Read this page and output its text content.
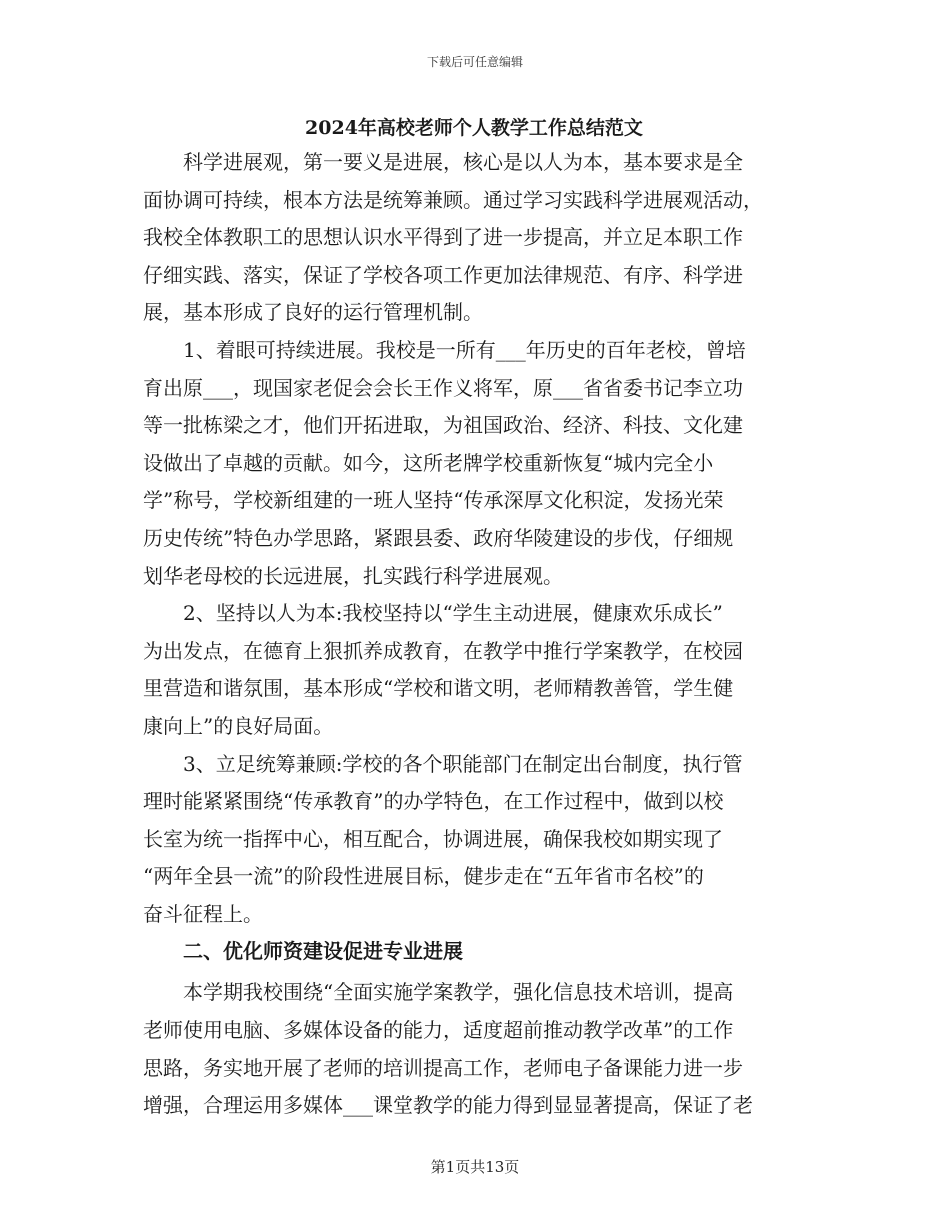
下载后可任意编辑
2024年高校老师个人教学工作总结范文

科学进展观，第一要义是进展，核心是以人为本，基本要求是全
面协调可持续，根本方法是统筹兼顾。通过学习实践科学进展观活动，
我校全体教职工的思想认识水平得到了进一步提高，并立足本职工作
仔细实践、落实，保证了学校各项工作更加法律规范、有序、科学进
展，基本形成了良好的运行管理机制。

1、着眼可持续进展。我校是一所有___年历史的百年老校，曾培
育出原___，现国家老促会会长王作义将军，原___省省委书记李立功
等一批栋梁之才，他们开拓进取，为祖国政治、经济、科技、文化建
设做出了卓越的贡献。如今，这所老牌学校重新恢复“城内完全小
学”称号，学校新组建的一班人坚持“传承深厚文化积淀，发扬光荣
历史传统”特色办学思路，紧跟县委、政府华陵建设的步伐，仔细规
划华老母校的长远进展，扎实践行科学进展观。

2、坚持以人为本:我校坚持以“学生主动进展，健康欢乐成长”
为出发点，在德育上狠抓养成教育，在教学中推行学案教学，在校园
里营造和谐氛围，基本形成“学校和谐文明，老师精教善管，学生健
康向上”的良好局面。

3、立足统筹兼顾:学校的各个职能部门在制定出台制度，执行管
理时能紧紧围绕“传承教育”的办学特色，在工作过程中，做到以校
长室为统一指挥中心，相互配合，协调进展，确保我校如期实现了
“两年全县一流”的阶段性进展目标，健步走在“五年省市名校”的
奋斗征程上。

二、优化师资建设促进专业进展

本学期我校围绕“全面实施学案教学，强化信息技术培训，提高
老师使用电脑、多媒体设备的能力，适度超前推动教学改革”的工作
思路，务实地开展了老师的培训提高工作，老师电子备课能力进一步
增强，合理运用多媒体___课堂教学的能力得到显显著提高，保证了老

第1页共13页
